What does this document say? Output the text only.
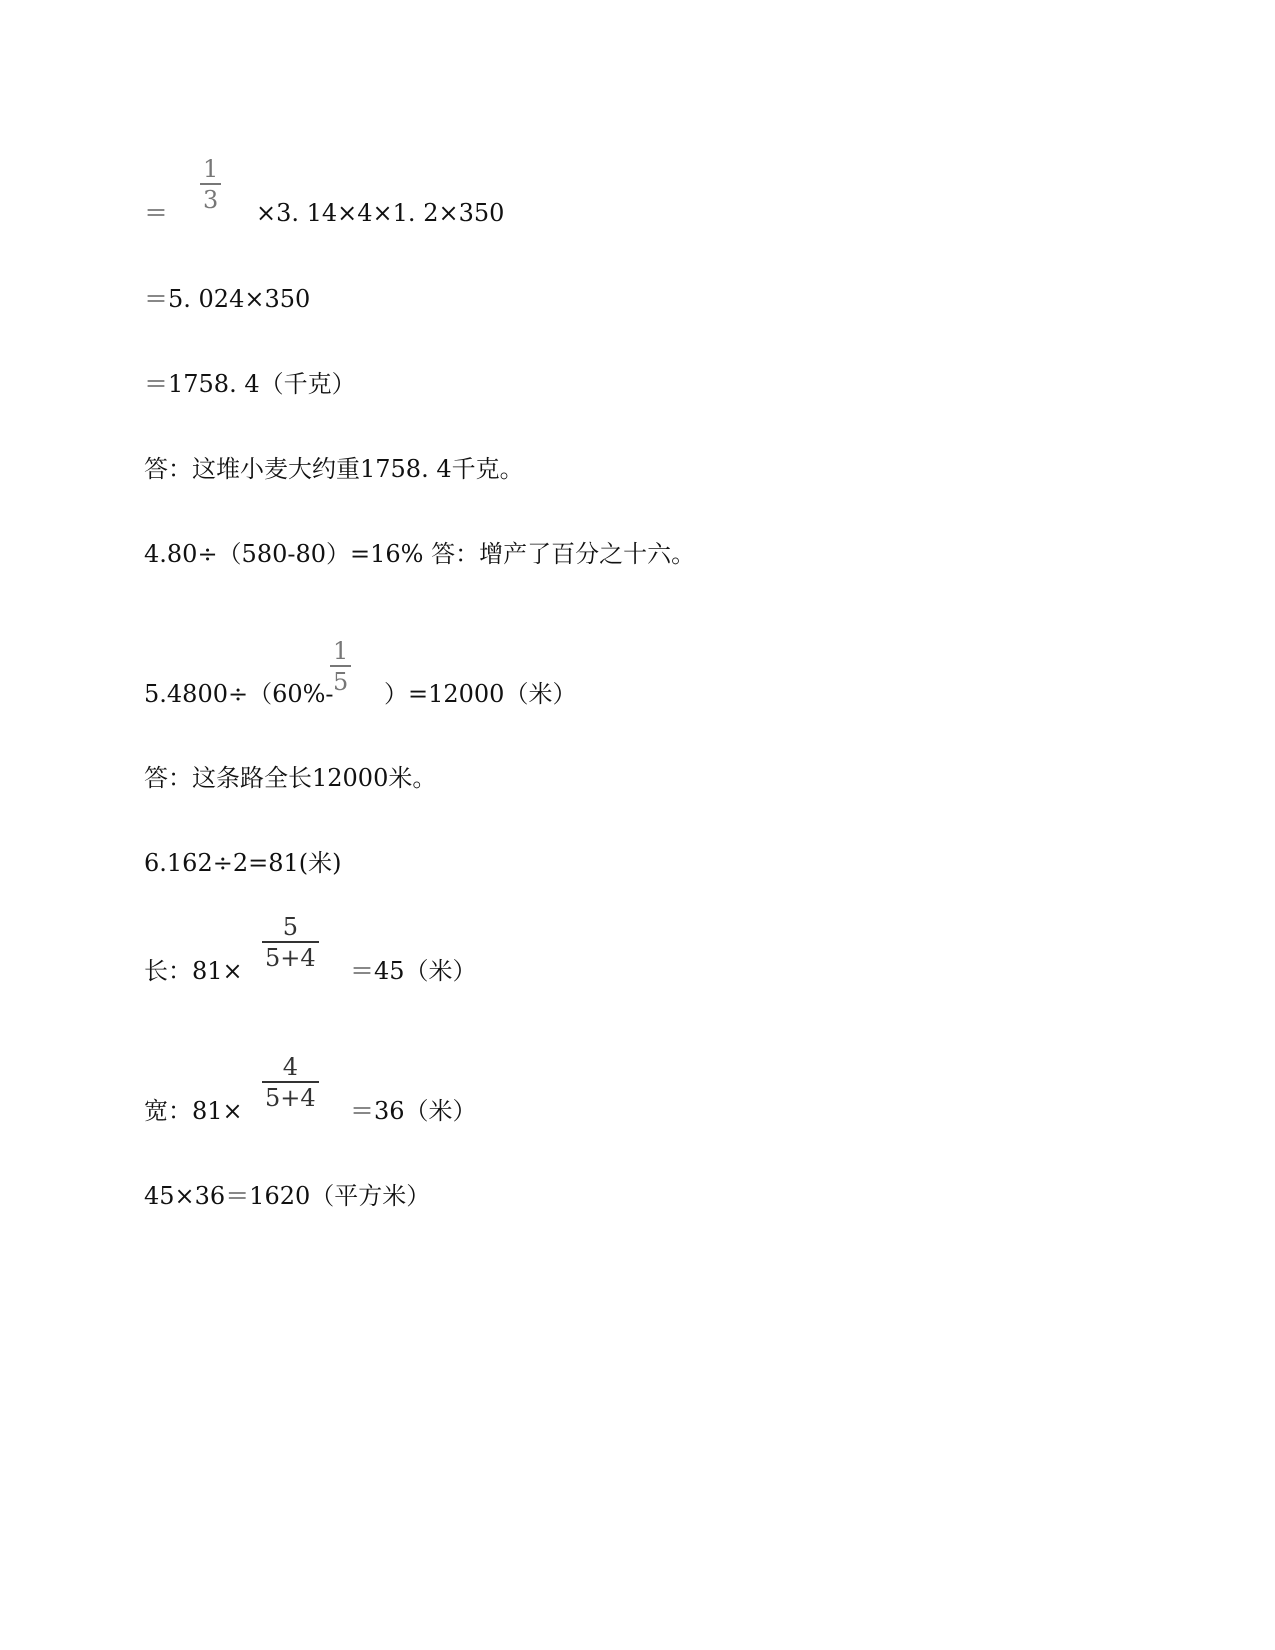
＝
1
3 ×3. 14×4×1. 2×350
＝5. 024×350
＝1758. 4（千克）
答：这堆小麦大约重1758. 4千克。
4.80÷（580-80）=16% 答：增产了百分之十六。
5.4800÷（60%-
1
5 ）=12000（米）
答：这条路全长12000米。
6.162÷2=81(米)
长：81×
5
5+4 ＝45（米）
宽：81×
4
5+4 ＝36（米）
45×36＝1620（平方米）
